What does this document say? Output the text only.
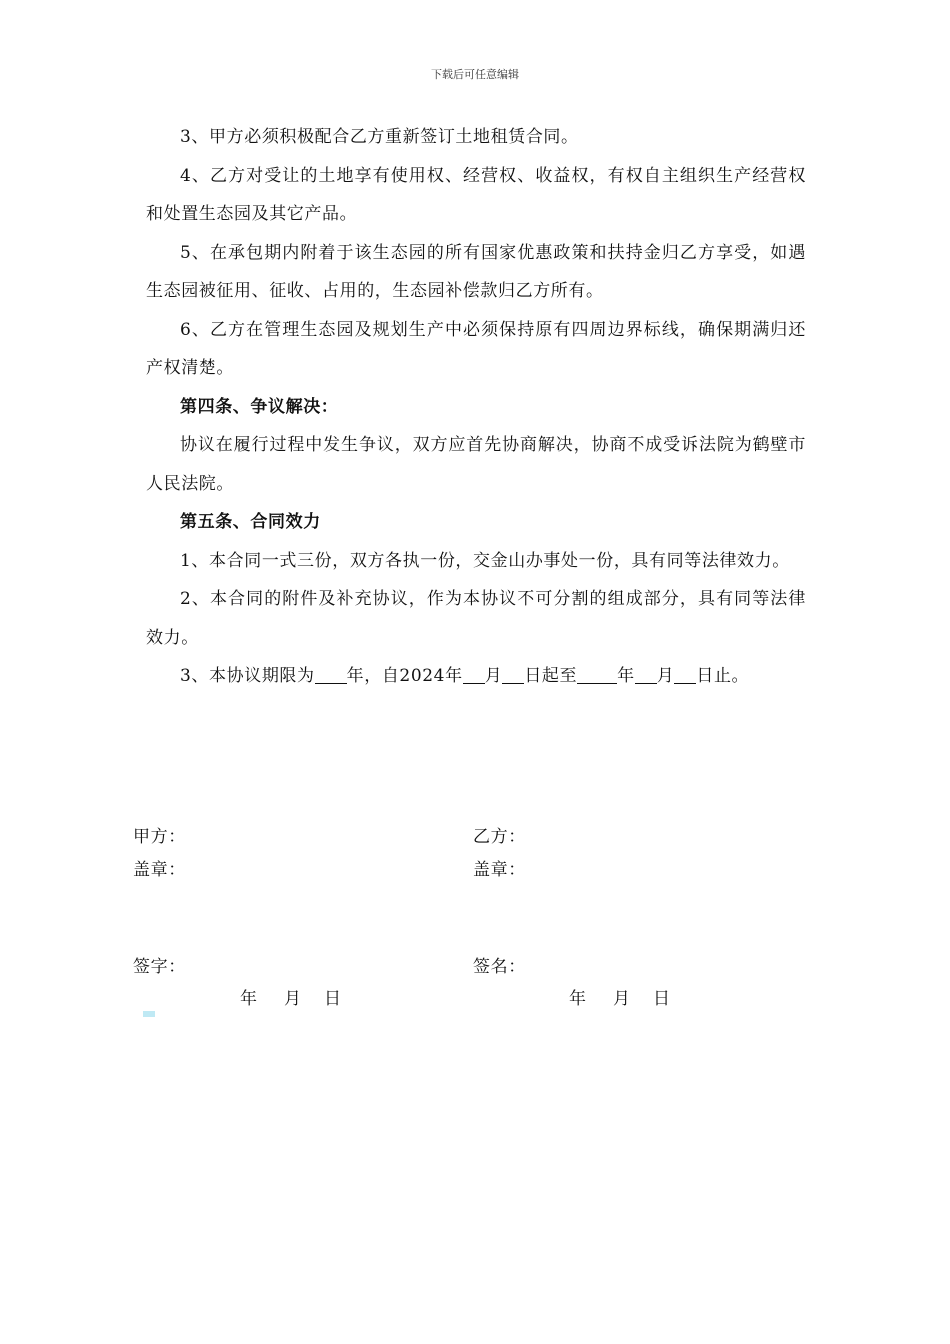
下载后可任意编辑

3、甲方必须积极配合乙方重新签订土地租赁合同。

4、乙方对受让的土地享有使用权、经营权、收益权，有权自主组织生产经营权和处置生态园及其它产品。

5、在承包期内附着于该生态园的所有国家优惠政策和扶持金归乙方享受，如遇生态园被征用、征收、占用的，生态园补偿款归乙方所有。

6、乙方在管理生态园及规划生产中必须保持原有四周边界标线，确保期满归还产权清楚。

第四条、争议解决：

协议在履行过程中发生争议，双方应首先协商解决，协商不成受诉法院为鹤壁市人民法院。

第五条、合同效力

1、本合同一式三份，双方各执一份，交金山办事处一份，具有同等法律效力。

2、本合同的附件及补充协议，作为本协议不可分割的组成部分，具有同等法律效力。

3、本协议期限为 年，自2024年 月 日起至 年 月 日止。

甲方：	乙方：
盖章：	盖章：
签字：	签名：
年 月 日	年 月 日
